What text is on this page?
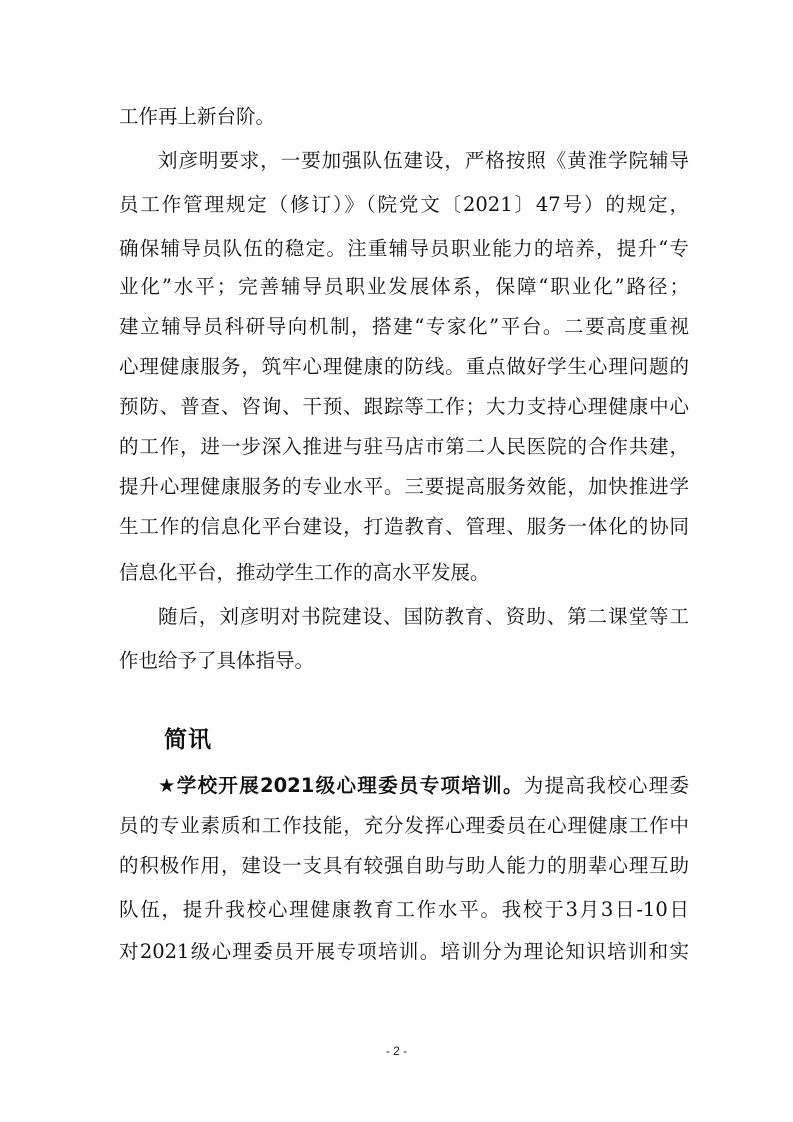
工作再上新台阶。
刘彦明要求，一要加强队伍建设，严格按照《黄淮学院辅导
员工作管理规定（修订）》（院党文〔2021〕47号）的规定，
确保辅导员队伍的稳定。注重辅导员职业能力的培养，提升“专
业化”水平；完善辅导员职业发展体系，保障“职业化”路径；
建立辅导员科研导向机制，搭建“专家化”平台。二要高度重视
心理健康服务，筑牢心理健康的防线。重点做好学生心理问题的
预防、普查、咨询、干预、跟踪等工作；大力支持心理健康中心
的工作，进一步深入推进与驻马店市第二人民医院的合作共建，
提升心理健康服务的专业水平。三要提高服务效能，加快推进学
生工作的信息化平台建设，打造教育、管理、服务一体化的协同
信息化平台，推动学生工作的高水平发展。
随后，刘彦明对书院建设、国防教育、资助、第二课堂等工
作也给予了具体指导。
简讯
★学校开展2021级心理委员专项培训。为提高我校心理委
员的专业素质和工作技能，充分发挥心理委员在心理健康工作中
的积极作用，建设一支具有较强自助与助人能力的朋辈心理互助
队伍，提升我校心理健康教育工作水平。我校于3月3日-10日
对2021级心理委员开展专项培训。培训分为理论知识培训和实
- 2 -
